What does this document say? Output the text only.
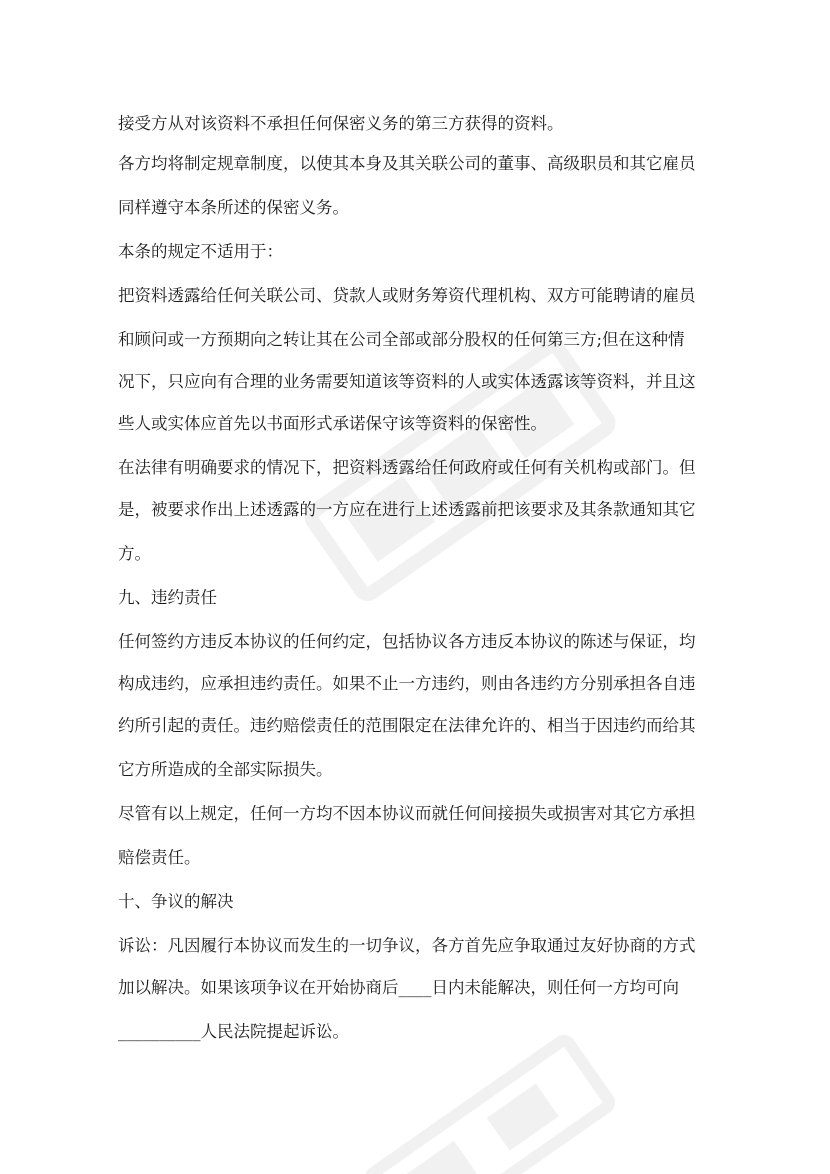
接受方从对该资料不承担任何保密义务的第三方获得的资料。
各方均将制定规章制度，以使其本身及其关联公司的董事、高级职员和其它雇员
同样遵守本条所述的保密义务。
本条的规定不适用于：
把资料透露给任何关联公司、贷款人或财务筹资代理机构、双方可能聘请的雇员
和顾问或一方预期向之转让其在公司全部或部分股权的任何第三方;但在这种情
况下，只应向有合理的业务需要知道该等资料的人或实体透露该等资料，并且这
些人或实体应首先以书面形式承诺保守该等资料的保密性。
在法律有明确要求的情况下，把资料透露给任何政府或任何有关机构或部门。但
是，被要求作出上述透露的一方应在进行上述透露前把该要求及其条款通知其它
方。
九、违约责任
任何签约方违反本协议的任何约定，包括协议各方违反本协议的陈述与保证，均
构成违约，应承担违约责任。如果不止一方违约，则由各违约方分别承担各自违
约所引起的责任。违约赔偿责任的范围限定在法律允许的、相当于因违约而给其
它方所造成的全部实际损失。
尽管有以上规定，任何一方均不因本协议而就任何间接损失或损害对其它方承担
赔偿责任。
十、争议的解决
诉讼：凡因履行本协议而发生的一切争议，各方首先应争取通过友好协商的方式
加以解决。如果该项争议在开始协商后____日内未能解决，则任何一方均可向
__________人民法院提起诉讼。
